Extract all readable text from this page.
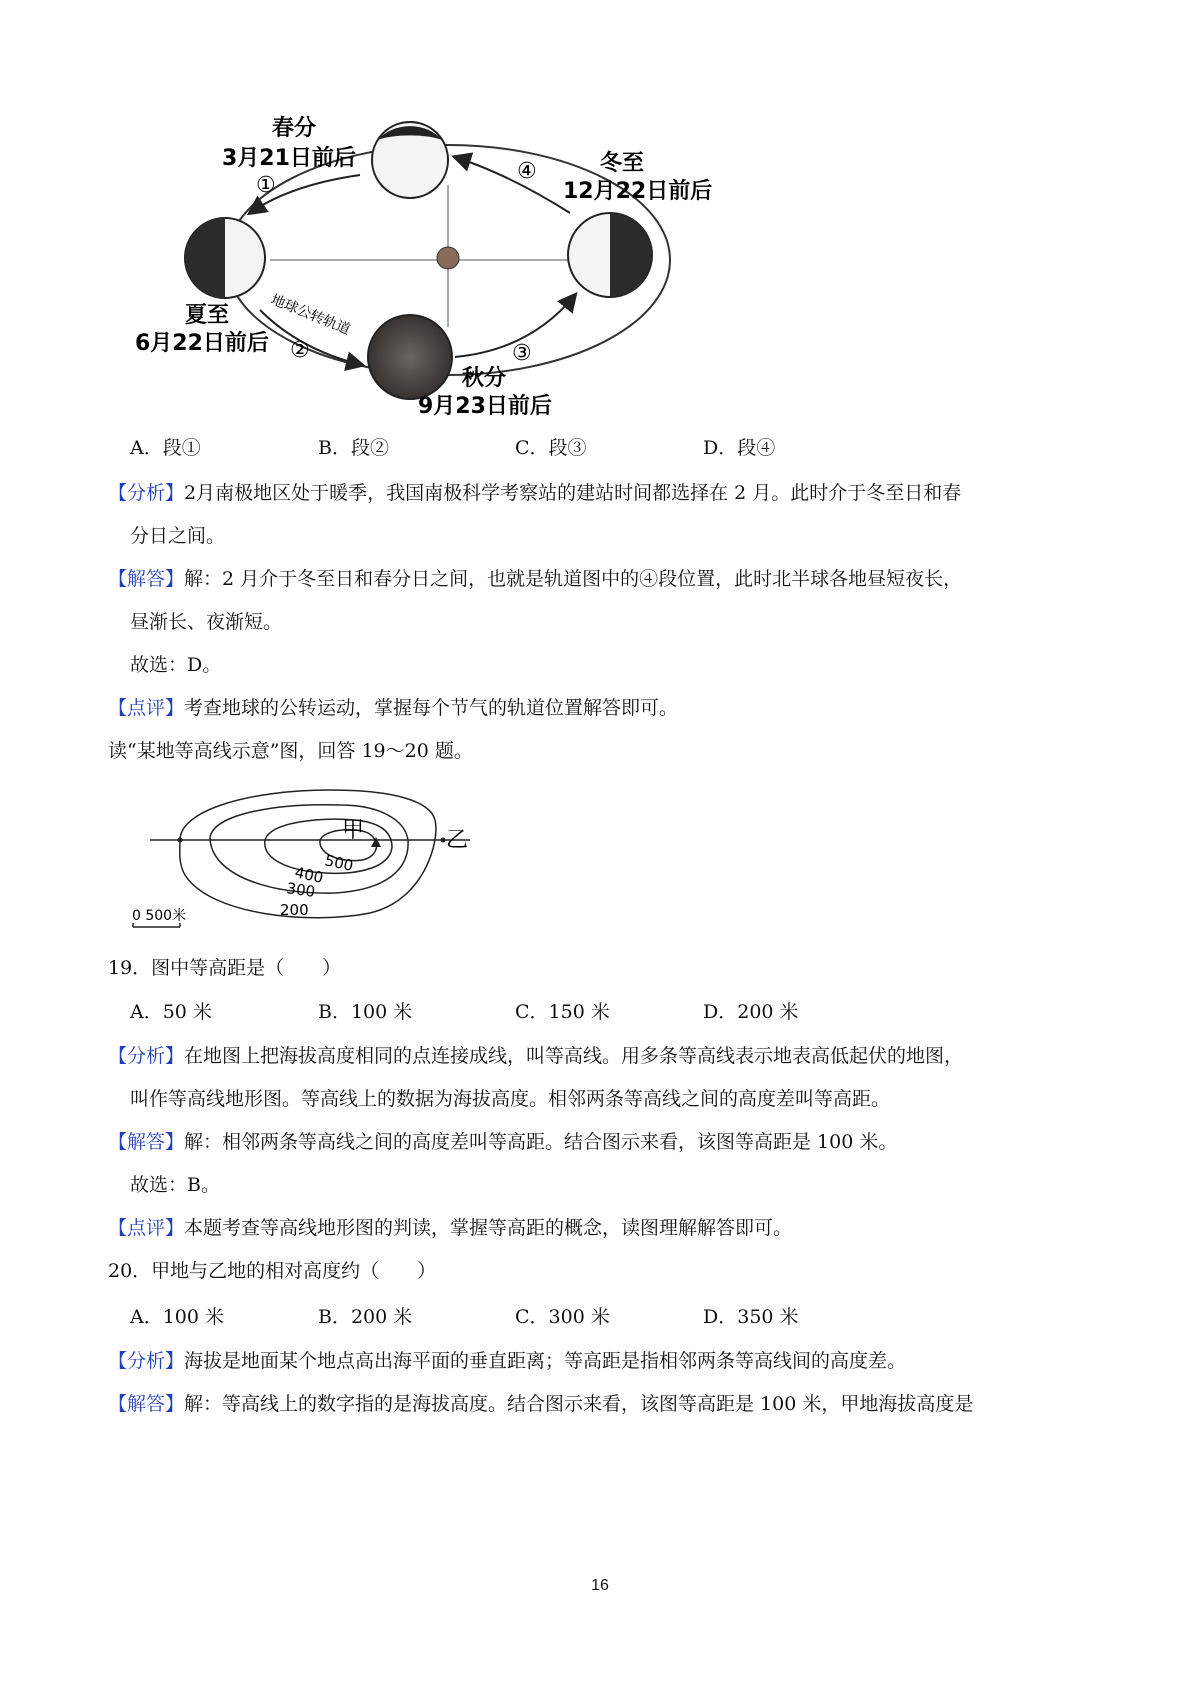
春分
3月21日前后
①
④	冬至
12月22日前后
夏至
6月22日前后
地球公转轨道
②	③
秋分
9月23日前后
A．段①	B．段②	C．段③	D．段④
【分析】2月南极地区处于暖季，我国南极科学考察站的建站时间都选择在 2 月。此时介于冬至日和春
分日之间。
【解答】解：2 月介于冬至日和春分日之间，也就是轨道图中的④段位置，此时北半球各地昼短夜长，
昼渐长、夜渐短。
故选：D。
【点评】考查地球的公转运动，掌握每个节气的轨道位置解答即可。
读“某地等高线示意”图，回答 19～20 题。
甲	乙
500
400
300
200
0 500米
19．图中等高距是（　　）
A．50 米	B．100 米	C．150 米	D．200 米
【分析】在地图上把海拔高度相同的点连接成线，叫等高线。用多条等高线表示地表高低起伏的地图，
叫作等高线地形图。等高线上的数据为海拔高度。相邻两条等高线之间的高度差叫等高距。
【解答】解：相邻两条等高线之间的高度差叫等高距。结合图示来看，该图等高距是 100 米。
故选：B。
【点评】本题考查等高线地形图的判读，掌握等高距的概念，读图理解解答即可。
20．甲地与乙地的相对高度约（　　）
A．100 米	B．200 米	C．300 米	D．350 米
【分析】海拔是地面某个地点高出海平面的垂直距离；等高距是指相邻两条等高线间的高度差。
【解答】解：等高线上的数字指的是海拔高度。结合图示来看，该图等高距是 100 米，甲地海拔高度是
16
